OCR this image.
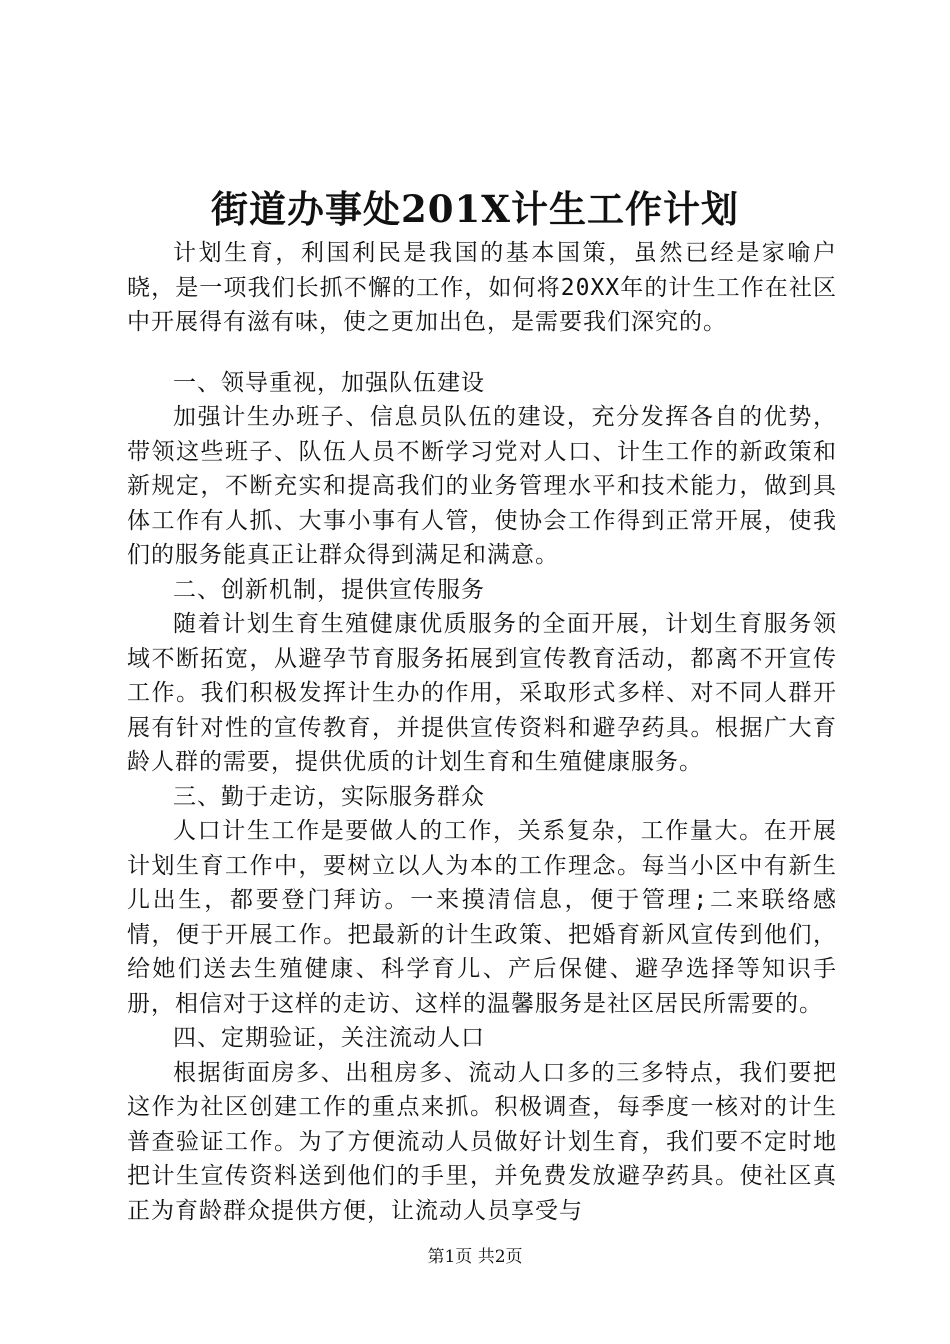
街道办事处201X计生工作计划

计划生育，利国利民是我国的基本国策，虽然已经是家喻户晓，是一项我们长抓不懈的工作，如何将20XX年的计生工作在社区中开展得有滋有味，使之更加出色，是需要我们深究的。

一、领导重视，加强队伍建设

加强计生办班子、信息员队伍的建设，充分发挥各自的优势，带领这些班子、队伍人员不断学习党对人口、计生工作的新政策和新规定，不断充实和提高我们的业务管理水平和技术能力，做到具体工作有人抓、大事小事有人管，使协会工作得到正常开展，使我们的服务能真正让群众得到满足和满意。

二、创新机制，提供宣传服务

随着计划生育生殖健康优质服务的全面开展，计划生育服务领域不断拓宽，从避孕节育服务拓展到宣传教育活动，都离不开宣传工作。我们积极发挥计生办的作用，采取形式多样、对不同人群开展有针对性的宣传教育，并提供宣传资料和避孕药具。根据广大育龄人群的需要，提供优质的计划生育和生殖健康服务。

三、勤于走访，实际服务群众

人口计生工作是要做人的工作，关系复杂，工作量大。在开展计划生育工作中，要树立以人为本的工作理念。每当小区中有新生儿出生，都要登门拜访。一来摸清信息，便于管理;二来联络感情，便于开展工作。把最新的计生政策、把婚育新风宣传到他们，给她们送去生殖健康、科学育儿、产后保健、避孕选择等知识手册，相信对于这样的走访、这样的温馨服务是社区居民所需要的。

四、定期验证，关注流动人口

根据街面房多、出租房多、流动人口多的三多特点，我们要把这作为社区创建工作的重点来抓。积极调查，每季度一核对的计生普查验证工作。为了方便流动人员做好计划生育，我们要不定时地把计生宣传资料送到他们的手里，并免费发放避孕药具。使社区真正为育龄群众提供方便，让流动人员享受与

第1页 共2页
